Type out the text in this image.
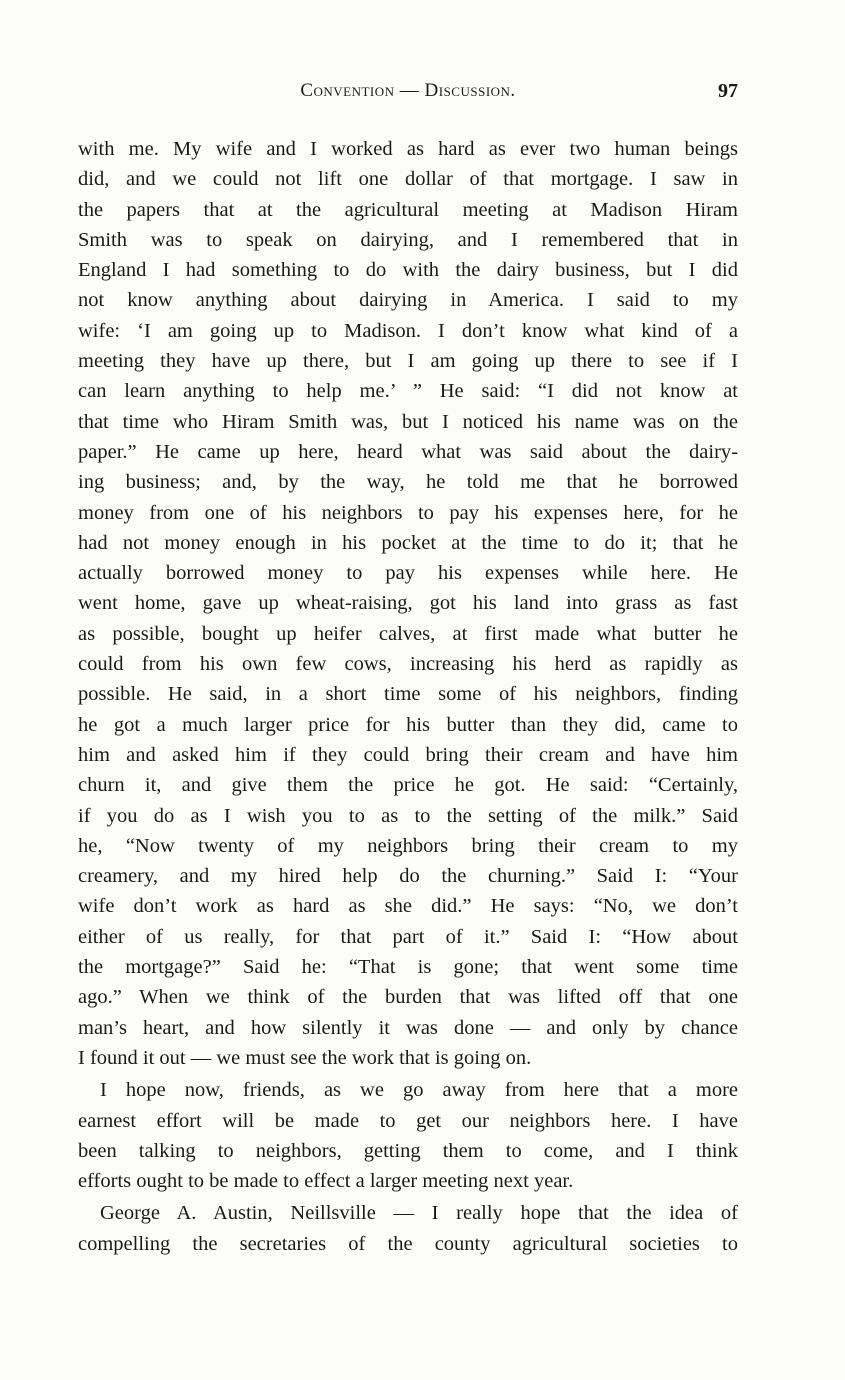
Convention — Discussion.	97
with me. My wife and I worked as hard as ever two human beings
did, and we could not lift one dollar of that mortgage. I saw in
the papers that at the agricultural meeting at Madison Hiram
Smith was to speak on dairying, and I remembered that in
England I had something to do with the dairy business, but I did
not know anything about dairying in America. I said to my
wife: ‘I am going up to Madison. I don’t know what kind of a
meeting they have up there, but I am going up there to see if I
can learn anything to help me.’ ” He said: “I did not know at
that time who Hiram Smith was, but I noticed his name was on the
paper.” He came up here, heard what was said about the dairy-
ing business; and, by the way, he told me that he borrowed
money from one of his neighbors to pay his expenses here, for he
had not money enough in his pocket at the time to do it; that he
actually borrowed money to pay his expenses while here. He
went home, gave up wheat-raising, got his land into grass as fast
as possible, bought up heifer calves, at first made what butter he
could from his own few cows, increasing his herd as rapidly as
possible. He said, in a short time some of his neighbors, finding
he got a much larger price for his butter than they did, came to
him and asked him if they could bring their cream and have him
churn it, and give them the price he got. He said: “Certainly,
if you do as I wish you to as to the setting of the milk.” Said
he, “Now twenty of my neighbors bring their cream to my
creamery, and my hired help do the churning.” Said I: “Your
wife don’t work as hard as she did.” He says: “No, we don’t
either of us really, for that part of it.” Said I: “How about
the mortgage?” Said he: “That is gone; that went some time
ago.” When we think of the burden that was lifted off that one
man’s heart, and how silently it was done — and only by chance
I found it out — we must see the work that is going on.
I hope now, friends, as we go away from here that a more
earnest effort will be made to get our neighbors here. I have
been talking to neighbors, getting them to come, and I think
efforts ought to be made to effect a larger meeting next year.
George A. Austin, Neillsville — I really hope that the idea of
compelling the secretaries of the county agricultural societies to
